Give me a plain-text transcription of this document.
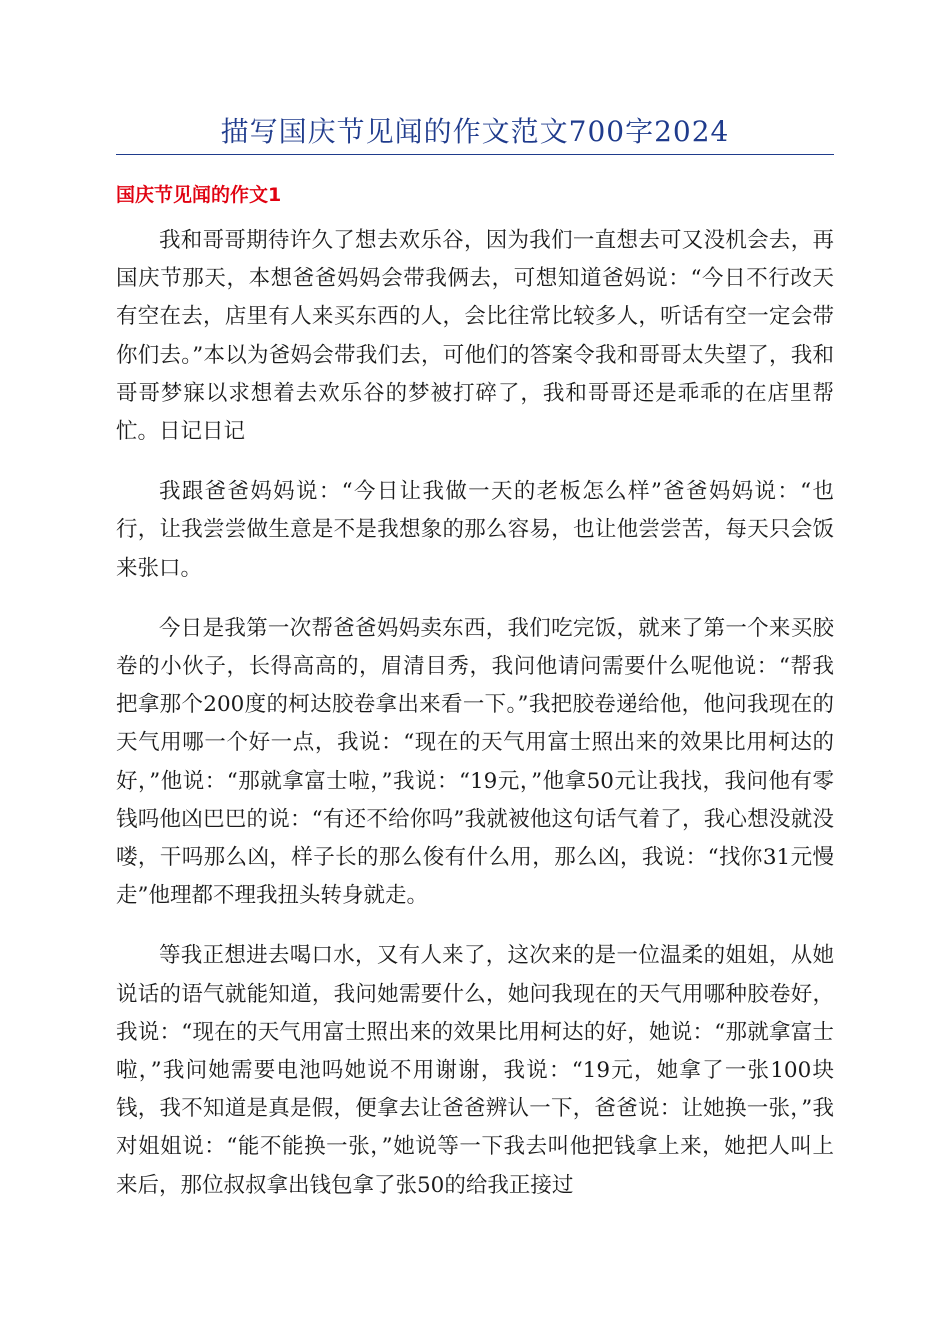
描写国庆节见闻的作文范文700字2024
国庆节见闻的作文1

我和哥哥期待许久了想去欢乐谷，因为我们一直想去可又没机会去，再国庆节那天，本想爸爸妈妈会带我俩去，可想知道爸妈说：“今日不行改天有空在去，店里有人来买东西的人，会比往常比较多人，听话有空一定会带你们去。”本以为爸妈会带我们去，可他们的答案令我和哥哥太失望了，我和哥哥梦寐以求想着去欢乐谷的梦被打碎了，我和哥哥还是乖乖的在店里帮忙。日记日记

我跟爸爸妈妈说：“今日让我做一天的老板怎么样”爸爸妈妈说：“也行，让我尝尝做生意是不是我想象的那么容易，也让他尝尝苦，每天只会饭来张口。

今日是我第一次帮爸爸妈妈卖东西，我们吃完饭，就来了第一个来买胶卷的小伙子，长得高高的，眉清目秀，我问他请问需要什么呢他说：“帮我把拿那个200度的柯达胶卷拿出来看一下。”我把胶卷递给他，他问我现在的天气用哪一个好一点，我说：“现在的天气用富士照出来的效果比用柯达的好，”他说：“那就拿富士啦，”我说：“19元，”他拿50元让我找，我问他有零钱吗他凶巴巴的说：“有还不给你吗”我就被他这句话气着了，我心想没就没喽，干吗那么凶，样子长的那么俊有什么用，那么凶，我说：“找你31元慢走”他理都不理我扭头转身就走。

等我正想进去喝口水，又有人来了，这次来的是一位温柔的姐姐，从她说话的语气就能知道，我问她需要什么，她问我现在的天气用哪种胶卷好，我说：“现在的天气用富士照出来的效果比用柯达的好，她说：“那就拿富士啦，”我问她需要电池吗她说不用谢谢，我说：“19元，她拿了一张100块钱，我不知道是真是假，便拿去让爸爸辨认一下，爸爸说：让她换一张，”我对姐姐说：“能不能换一张，”她说等一下我去叫他把钱拿上来，她把人叫上来后，那位叔叔拿出钱包拿了张50的给我正接过
